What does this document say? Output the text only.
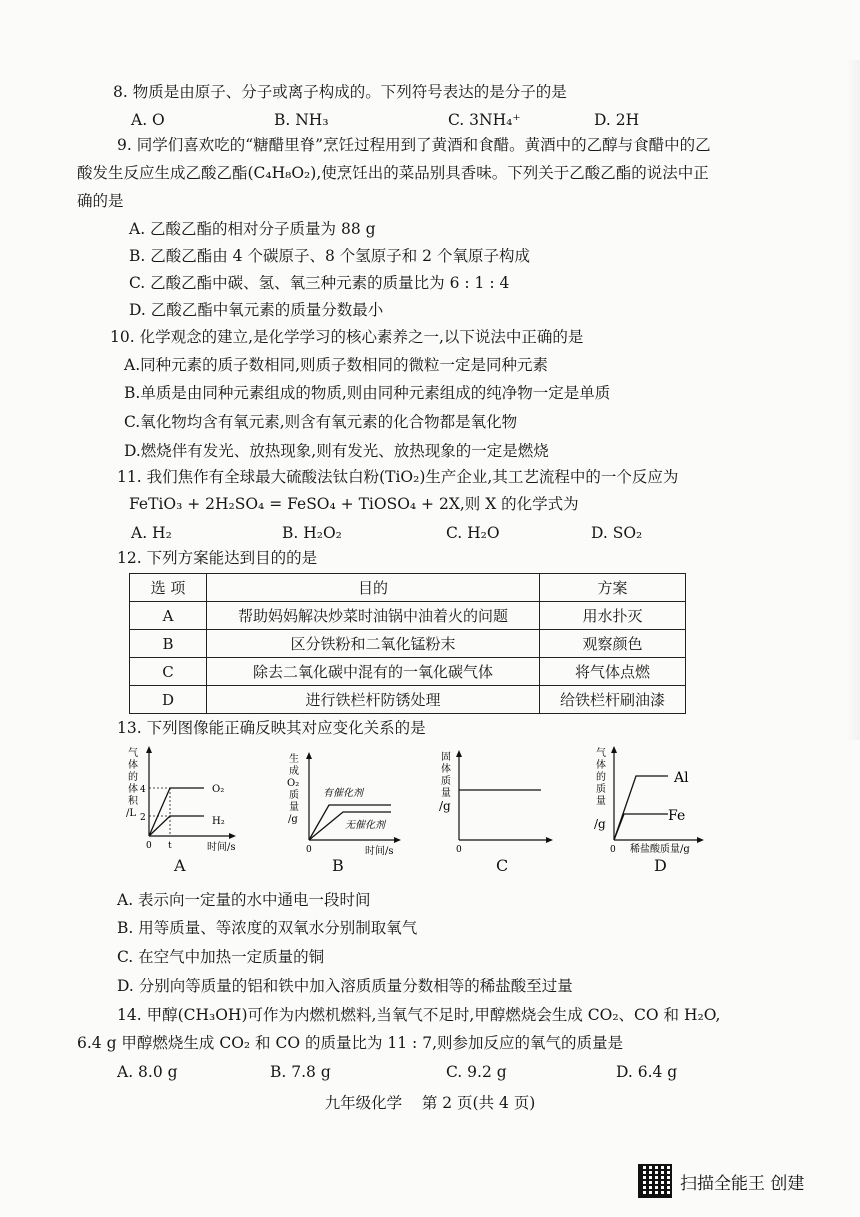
8. 物质是由原子、分子或离子构成的。下列符号表达的是分子的是
A. O	B. NH₃	C. 3NH₄⁺	D. 2H
9. 同学们喜欢吃的“糖醋里脊”烹饪过程用到了黄酒和食醋。黄酒中的乙醇与食醋中的乙
酸发生反应生成乙酸乙酯(C₄H₈O₂),使烹饪出的菜品别具香味。下列关于乙酸乙酯的说法中正
确的是
A. 乙酸乙酯的相对分子质量为 88 g
B. 乙酸乙酯由 4 个碳原子、8 个氢原子和 2 个氧原子构成
C. 乙酸乙酯中碳、氢、氧三种元素的质量比为 6 : 1 : 4
D. 乙酸乙酯中氧元素的质量分数最小
10. 化学观念的建立,是化学学习的核心素养之一,以下说法中正确的是
A.同种元素的质子数相同,则质子数相同的微粒一定是同种元素
B.单质是由同种元素组成的物质,则由同种元素组成的纯净物一定是单质
C.氧化物均含有氧元素,则含有氧元素的化合物都是氧化物
D.燃烧伴有发光、放热现象,则有发光、放热现象的一定是燃烧
11. 我们焦作有全球最大硫酸法钛白粉(TiO₂)生产企业,其工艺流程中的一个反应为
FeTiO₃ + 2H₂SO₄ = FeSO₄ + TiOSO₄ + 2X,则 X 的化学式为
A. H₂	B. H₂O₂	C. H₂O	D. SO₂
12. 下列方案能达到目的的是
选 项	目的	方案
A	帮助妈妈解决炒菜时油锅中油着火的问题	用水扑灭
B	区分铁粉和二氧化锰粉末	观察颜色
C	除去二氧化碳中混有的一氧化碳气体	将气体点燃
D	进行铁栏杆防锈处理	给铁栏杆刷油漆
13. 下列图像能正确反映其对应变化关系的是
气
体
的
体
积
/L
4
2
O₂
H₂
0 t	时间/s
A
生
成
O₂
质
量
/g
有催化剂
无催化剂
0	时间/s
B
固
体
质
量
/g
0
C
气
体
的
质
量
/g
Al
Fe
0 稀盐酸质量/g
D
A. 表示向一定量的水中通电一段时间
B. 用等质量、等浓度的双氧水分别制取氧气
C. 在空气中加热一定质量的铜
D. 分别向等质量的铝和铁中加入溶质质量分数相等的稀盐酸至过量
14. 甲醇(CH₃OH)可作为内燃机燃料,当氧气不足时,甲醇燃烧会生成 CO₂、CO 和 H₂O,
6.4 g 甲醇燃烧生成 CO₂ 和 CO 的质量比为 11 : 7,则参加反应的氧气的质量是
A. 8.0 g	B. 7.8 g	C. 9.2 g	D. 6.4 g
九年级化学    第 2 页(共 4 页)
扫描全能王 创建
